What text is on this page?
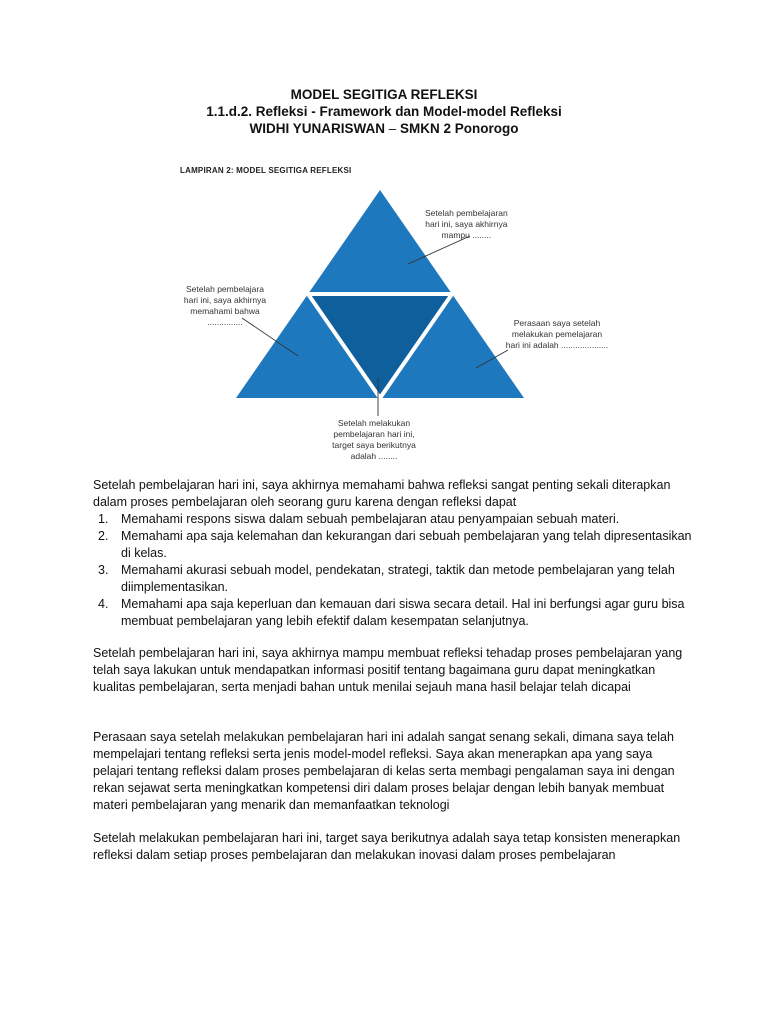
MODEL SEGITIGA REFLEKSI
1.1.d.2. Refleksi - Framework dan Model-model Refleksi
WIDHI YUNARISWAN – SMKN 2 Ponorogo
LAMPIRAN 2: MODEL SEGITIGA REFLEKSI
Setelah pembelajaran
hari ini, saya akhirnya
mampu ........
Setelah pembelajara
hari ini, saya akhirnya
memahami bahwa
...............	Perasaan saya setelah
melakukan pemelajaran
hari ini adalah ....................
Setelah melakukan
pembelajaran hari ini,
target saya berikutnya
adalah ........

Setelah pembelajaran hari ini, saya akhirnya memahami bahwa refleksi sangat penting sekali diterapkan dalam proses pembelajaran oleh seorang guru karena dengan refleksi dapat

1. Memahami respons siswa dalam sebuah pembelajaran atau penyampaian sebuah materi.
2. Memahami apa saja kelemahan dan kekurangan dari sebuah pembelajaran yang telah dipresentasikan di kelas.
3. Memahami akurasi sebuah model, pendekatan, strategi, taktik dan metode pembelajaran yang telah diimplementasikan.
4. Memahami apa saja keperluan dan kemauan dari siswa secara detail. Hal ini berfungsi agar guru bisa membuat pembelajaran yang lebih efektif dalam kesempatan selanjutnya.

Setelah pembelajaran hari ini, saya akhirnya mampu membuat refleksi tehadap proses pembelajaran yang telah saya lakukan untuk mendapatkan informasi positif tentang bagaimana guru dapat meningkatkan kualitas pembelajaran, serta menjadi bahan untuk menilai sejauh mana hasil belajar telah dicapai

Perasaan saya setelah melakukan pembelajaran hari ini adalah sangat senang sekali, dimana saya telah mempelajari tentang refleksi serta jenis model-model refleksi. Saya akan menerapkan apa yang saya pelajari tentang refleksi dalam proses pembelajaran di kelas serta membagi pengalaman saya ini dengan rekan sejawat serta meningkatkan kompetensi diri dalam proses belajar dengan lebih banyak membuat materi pembelajaran yang menarik dan memanfaatkan teknologi

Setelah melakukan pembelajaran hari ini, target saya berikutnya adalah saya tetap konsisten menerapkan refleksi dalam setiap proses pembelajaran dan melakukan inovasi dalam proses pembelajaran
